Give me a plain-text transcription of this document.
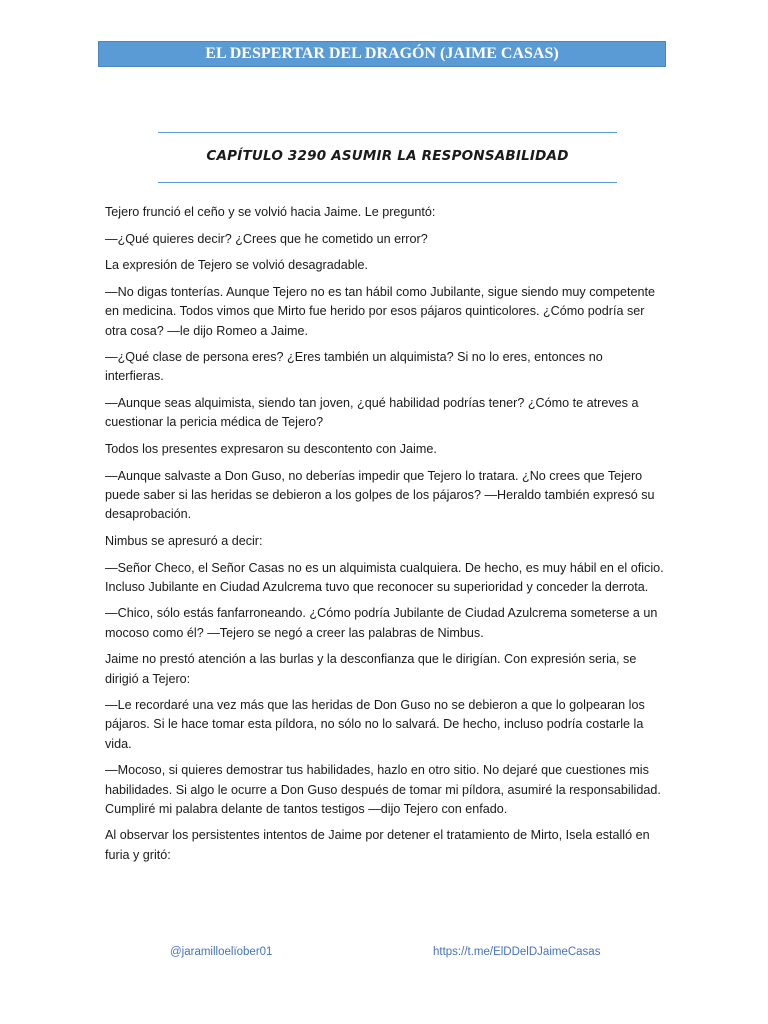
EL DESPERTAR DEL DRAGÓN (JAIME CASAS)
CAPÍTULO 3290 ASUMIR LA RESPONSABILIDAD

Tejero frunció el ceño y se volvió hacia Jaime. Le preguntó:

—¿Qué quieres decir? ¿Crees que he cometido un error?

La expresión de Tejero se volvió desagradable.

—No digas tonterías. Aunque Tejero no es tan hábil como Jubilante, sigue siendo muy competente en medicina. Todos vimos que Mirto fue herido por esos pájaros quinticolores. ¿Cómo podría ser otra cosa? —le dijo Romeo a Jaime.

—¿Qué clase de persona eres? ¿Eres también un alquimista? Si no lo eres, entonces no interfieras.

—Aunque seas alquimista, siendo tan joven, ¿qué habilidad podrías tener? ¿Cómo te atreves a cuestionar la pericia médica de Tejero?

Todos los presentes expresaron su descontento con Jaime.

—Aunque salvaste a Don Guso, no deberías impedir que Tejero lo tratara. ¿No crees que Tejero puede saber si las heridas se debieron a los golpes de los pájaros? —Heraldo también expresó su desaprobación.

Nimbus se apresuró a decir:

—Señor Checo, el Señor Casas no es un alquimista cualquiera. De hecho, es muy hábil en el oficio. Incluso Jubilante en Ciudad Azulcrema tuvo que reconocer su superioridad y conceder la derrota.

—Chico, sólo estás fanfarroneando. ¿Cómo podría Jubilante de Ciudad Azulcrema someterse a un mocoso como él? —Tejero se negó a creer las palabras de Nimbus.

Jaime no prestó atención a las burlas y la desconfianza que le dirigían. Con expresión seria, se dirigió a Tejero:

—Le recordaré una vez más que las heridas de Don Guso no se debieron a que lo golpearan los pájaros. Si le hace tomar esta píldora, no sólo no lo salvará. De hecho, incluso podría costarle la vida.

—Mocoso, si quieres demostrar tus habilidades, hazlo en otro sitio. No dejaré que cuestiones mis habilidades. Si algo le ocurre a Don Guso después de tomar mi píldora, asumiré la responsabilidad. Cumpliré mi palabra delante de tantos testigos —dijo Tejero con enfado.

Al observar los persistentes intentos de Jaime por detener el tratamiento de Mirto, Isela estalló en furia y gritó:

@jaramilloelïober01	https://t.me/ElDDelDJaimeCasas
